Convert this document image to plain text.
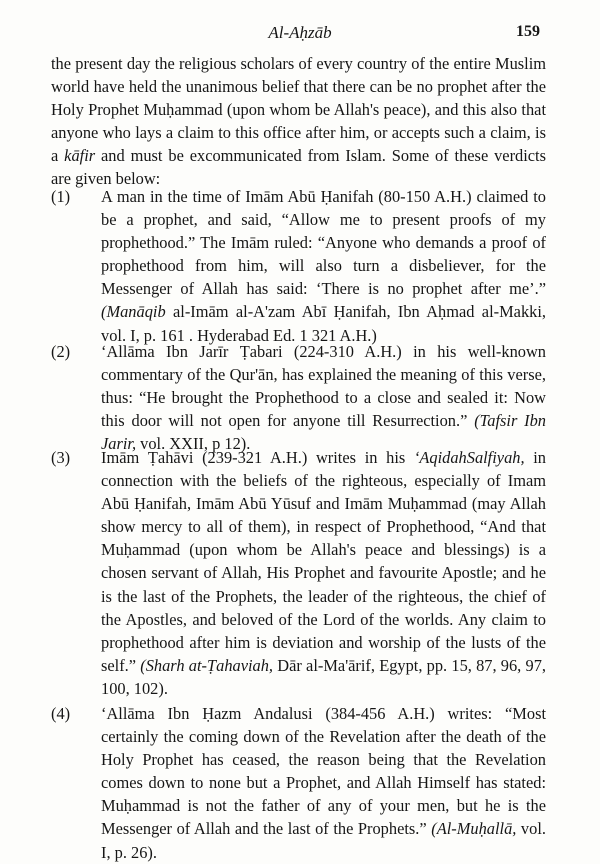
Al-Aḥzāb	159

the present day the religious scholars of every country of the entire Muslim world have held the unanimous belief that there can be no prophet after the Holy Prophet Muḥammad (upon whom be Allah's peace), and this also that anyone who lays a claim to this office after him, or accepts such a claim, is a kāfir and must be excommunicated from Islam. Some of these verdicts are given below:

(1)	A man in the time of Imām Abū Ḥanifah (80-150 A.H.) claimed to be a prophet, and said, “Allow me to present proofs of my prophethood.” The Imām ruled: “Anyone who demands a proof of prophethood from him, will also turn a disbeliever, for the Messenger of Allah has said: ‘There is no prophet after me’.” (Manāqib al-Imām al-A'zam Abī Ḥanifah, Ibn Aḥmad al-Makki, vol. I, p. 161 . Hyderabad Ed. 1 321 A.H.)
(2)	‘Allāma Ibn Jarīr Ṭabari (224-310 A.H.) in his well-known commentary of the Qur'ān, has explained the meaning of this verse, thus: “He brought the Prophethood to a close and sealed it: Now this door will not open for anyone till Resurrection.” (Tafsir Ibn Jarir, vol. XXII, p 12).
(3)	Imām Ṭahāvi (239-321 A.H.) writes in his ‘AqidahSalfiyah, in connection with the beliefs of the righteous, especially of Imam Abū Ḥanifah, Imām Abū Yūsuf and Imām Muḥammad (may Allah show mercy to all of them), in respect of Prophethood, “And that Muḥammad (upon whom be Allah's peace and blessings) is a chosen servant of Allah, His Prophet and favourite Apostle; and he is the last of the Prophets, the leader of the righteous, the chief of the Apostles, and beloved of the Lord of the worlds. Any claim to prophethood after him is deviation and worship of the lusts of the self.” (Sharh at-Ṭahaviah, Dār al-Ma'ārif, Egypt, pp. 15, 87, 96, 97, 100, 102).
(4)	‘Allāma Ibn Ḥazm Andalusi (384-456 A.H.) writes: “Most certainly the coming down of the Revelation after the death of the Holy Prophet has ceased, the reason being that the Revelation comes down to none but a Prophet, and Allah Himself has stated: Muḥammad is not the father of any of your men, but he is the Messenger of Allah and the last of the Prophets.” (Al-Muḥallā, vol. I, p. 26).
